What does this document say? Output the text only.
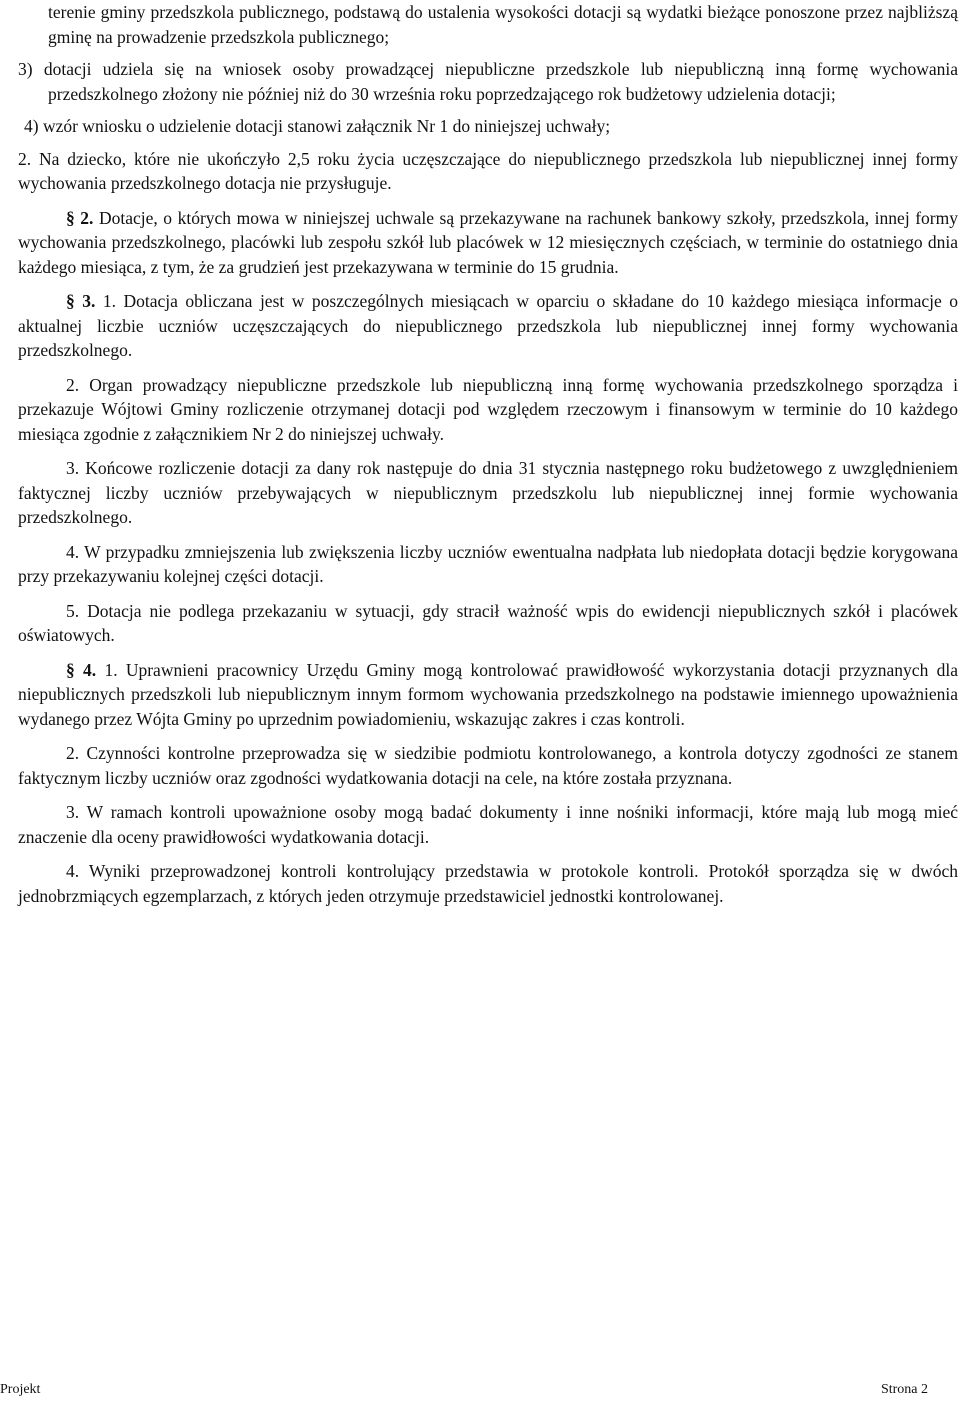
terenie gminy przedszkola publicznego, podstawą do ustalenia wysokości dotacji są wydatki bieżące ponoszone przez najbliższą gminę na prowadzenie przedszkola publicznego;

3) dotacji udziela się na wniosek osoby prowadzącej niepubliczne przedszkole lub niepubliczną inną formę wychowania przedszkolnego złożony nie później niż do 30 września roku poprzedzającego rok budżetowy udzielenia dotacji;

4) wzór wniosku o udzielenie dotacji stanowi załącznik Nr 1 do niniejszej uchwały;

2. Na dziecko, które nie ukończyło 2,5 roku życia uczęszczające do niepublicznego przedszkola lub niepublicznej innej formy wychowania przedszkolnego dotacja nie przysługuje.

§ 2. Dotacje, o których mowa w niniejszej uchwale są przekazywane na rachunek bankowy szkoły, przedszkola, innej formy wychowania przedszkolnego, placówki lub zespołu szkół lub placówek w 12 miesięcznych częściach, w terminie do ostatniego dnia każdego miesiąca, z tym, że za grudzień jest przekazywana w terminie do 15 grudnia.

§ 3. 1. Dotacja obliczana jest w poszczególnych miesiącach w oparciu o składane do 10 każdego miesiąca informacje o aktualnej liczbie uczniów uczęszczających do niepublicznego przedszkola lub niepublicznej innej formy wychowania przedszkolnego.

2. Organ prowadzący niepubliczne przedszkole lub niepubliczną inną formę wychowania przedszkolnego sporządza i przekazuje Wójtowi Gminy rozliczenie otrzymanej dotacji pod względem rzeczowym i finansowym w terminie do 10 każdego miesiąca zgodnie z załącznikiem Nr 2 do niniejszej uchwały.

3. Końcowe rozliczenie dotacji za dany rok następuje do dnia 31 stycznia następnego roku budżetowego z uwzględnieniem faktycznej liczby uczniów przebywających w niepublicznym przedszkolu lub niepublicznej innej formie wychowania przedszkolnego.

4. W przypadku zmniejszenia lub zwiększenia liczby uczniów ewentualna nadpłata lub niedopłata dotacji będzie korygowana przy przekazywaniu kolejnej części dotacji.

5. Dotacja nie podlega przekazaniu w sytuacji, gdy stracił ważność wpis do ewidencji niepublicznych szkół i placówek oświatowych.

§ 4. 1. Uprawnieni pracownicy Urzędu Gminy mogą kontrolować prawidłowość wykorzystania dotacji przyznanych dla niepublicznych przedszkoli lub niepublicznym innym formom wychowania przedszkolnego na podstawie imiennego upoważnienia wydanego przez Wójta Gminy po uprzednim powiadomieniu, wskazując zakres i czas kontroli.

2. Czynności kontrolne przeprowadza się w siedzibie podmiotu kontrolowanego, a kontrola dotyczy zgodności ze stanem faktycznym liczby uczniów oraz zgodności wydatkowania dotacji na cele, na które została przyznana.

3. W ramach kontroli upoważnione osoby mogą badać dokumenty i inne nośniki informacji, które mają lub mogą mieć znaczenie dla oceny prawidłowości wydatkowania dotacji.

4. Wyniki przeprowadzonej kontroli kontrolujący przedstawia w protokole kontroli. Protokół sporządza się w dwóch jednobrzmiących egzemplarzach, z których jeden otrzymuje przedstawiciel jednostki kontrolowanej.

Projekt	Strona 2
